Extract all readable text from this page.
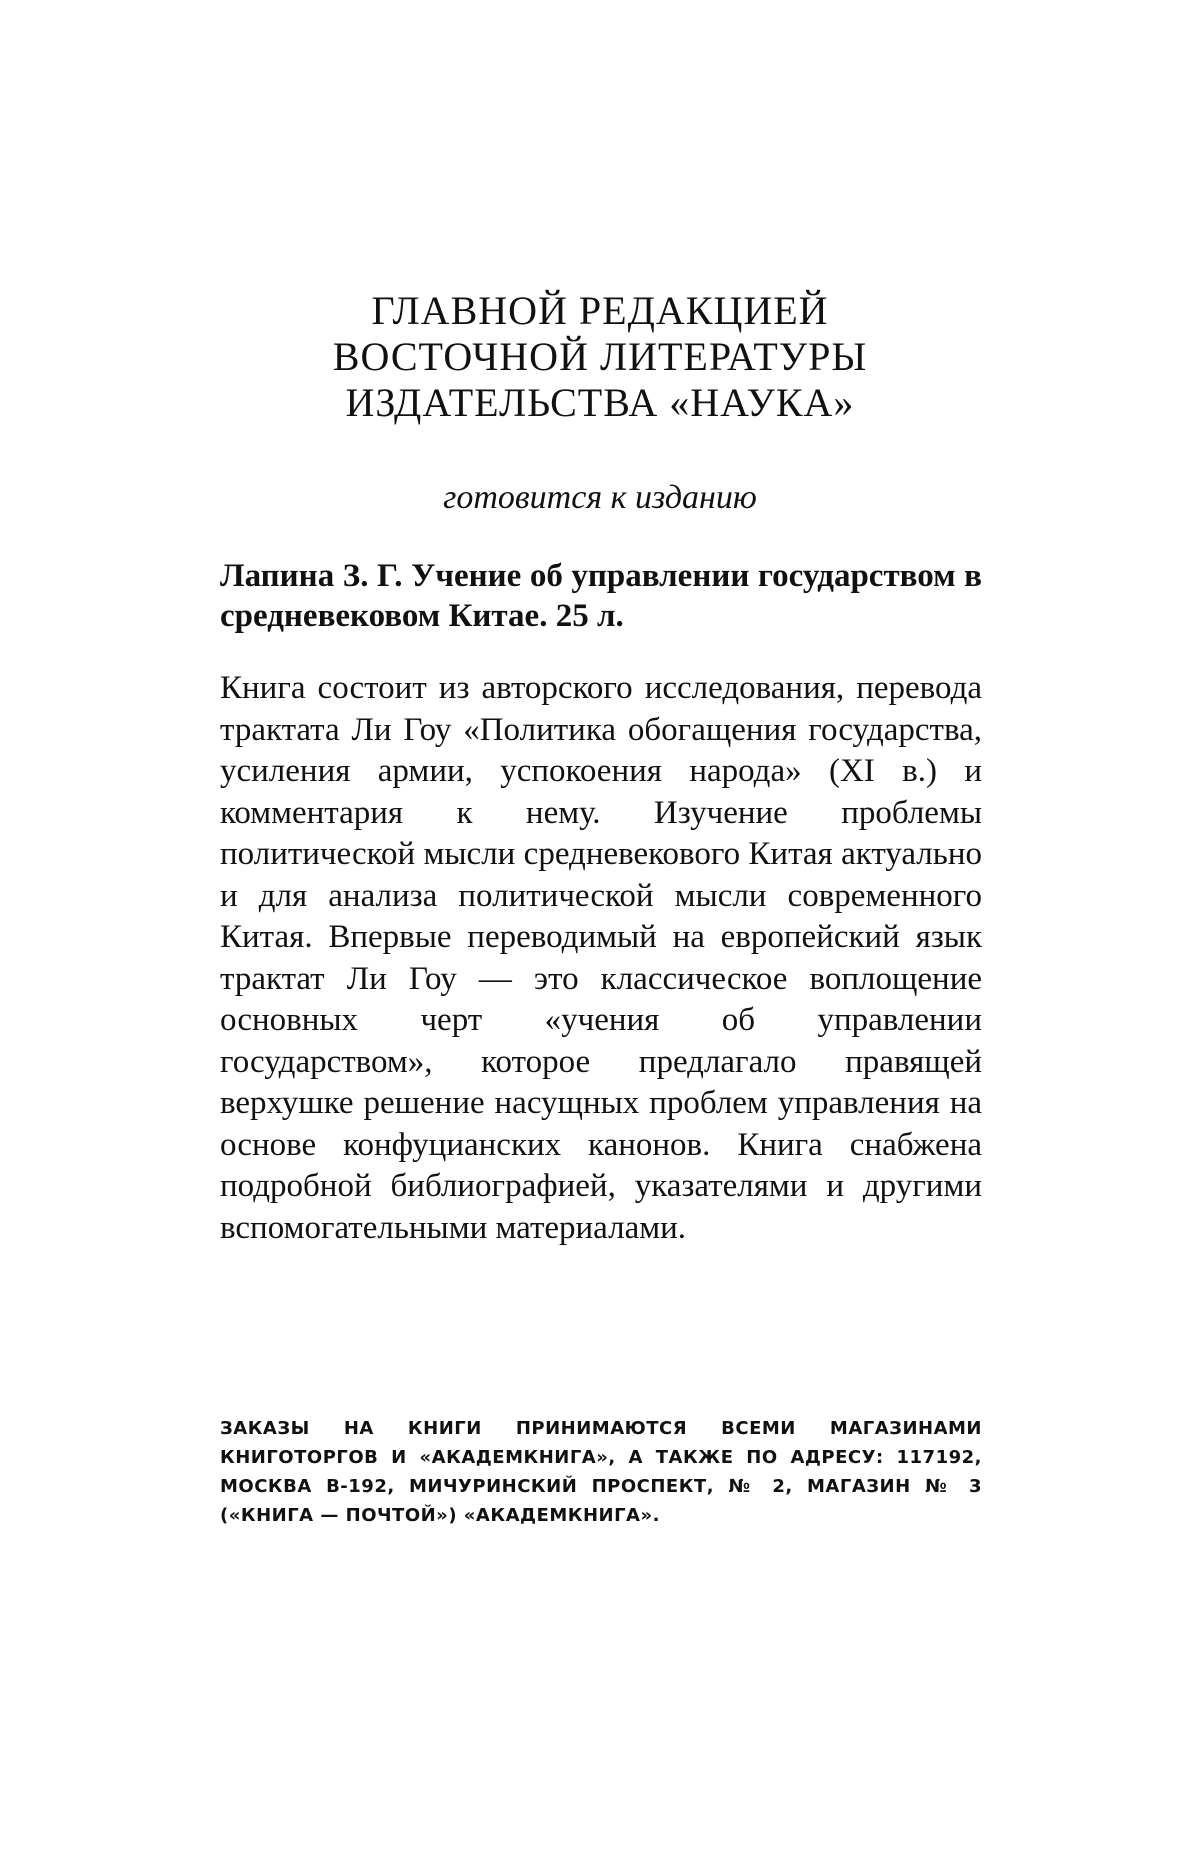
ГЛАВНОЙ РЕДАКЦИЕЙ
ВОСТОЧНОЙ ЛИТЕРАТУРЫ
ИЗДАТЕЛЬСТВА «НАУКА»
готовится к изданию
Лапина З. Г. Учение об управлении государством в средневековом Китае. 25 л.
Книга состоит из авторского исследования, перевода трактата Ли Гоу «Политика обогащения государства, усиления армии, успокоения народа» (XI в.) и комментария к нему. Изучение проблемы политической мысли средневекового Китая актуально и для анализа политической мысли современного Китая. Впервые переводимый на европейский язык трактат Ли Гоу — это классическое воплощение основных черт «учения об управлении государством», которое предлагало правящей верхушке решение насущных проблем управления на основе конфуцианских канонов. Книга снабжена подробной библиографией, указателями и другими вспомогательными материалами.
ЗАКАЗЫ НА КНИГИ ПРИНИМАЮТСЯ ВСЕМИ МАГАЗИНАМИ КНИГОТОРГОВ И «АКАДЕМКНИГА», А ТАКЖЕ ПО АДРЕСУ: 117192, МОСКВА В-192, МИЧУРИНСКИЙ ПРОСПЕКТ, № 2, МАГАЗИН № 3 («КНИГА — ПОЧТОЙ») «АКАДЕМКНИГА».
